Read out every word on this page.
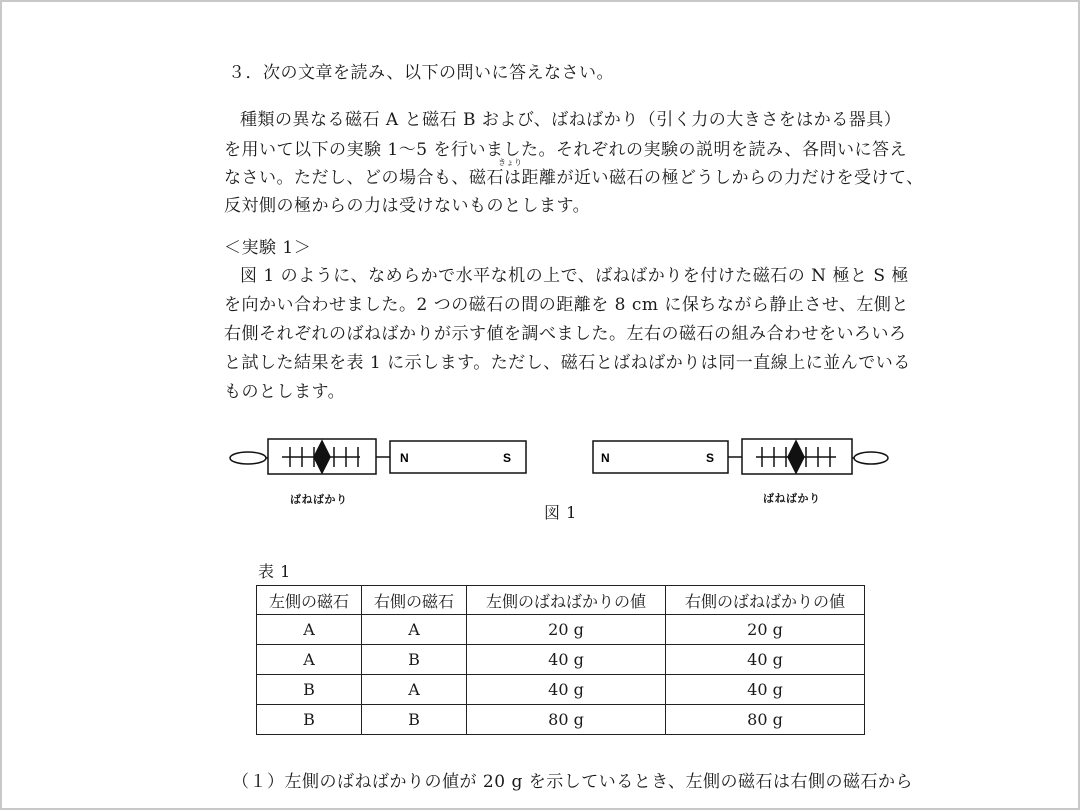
３．次の文章を読み、以下の問いに答えなさい。
種類の異なる磁石 A と磁石 B および、ばねばかり（引く力の大きさをはかる器具）
を用いて以下の実験 1〜5 を行いました。それぞれの実験の説明を読み、各問いに答え
きょり
なさい。ただし、どの場合も、磁石は距離が近い磁石の極どうしからの力だけを受けて、
反対側の極からの力は受けないものとします。
＜実験 1＞
図 1 のように、なめらかで水平な机の上で、ばねばかりを付けた磁石の N 極と S 極
を向かい合わせました。2 つの磁石の間の距離を 8 cm に保ちながら静止させ、左側と
右側それぞれのばねばかりが示す値を調べました。左右の磁石の組み合わせをいろいろ
と試した結果を表 1 に示します。ただし、磁石とばねばかりは同一直線上に並んでいる
ものとします。
N	S	N	S
ばねばかり	ばねばかり
図 1
表 1
左側の磁石	右側の磁石	左側のばねばかりの値	右側のばねばかりの値
A	A	20 g	20 g
A	B	40 g	40 g
B	A	40 g	40 g
B	B	80 g	80 g
（１）左側のばねばかりの値が 20 g を示しているとき、左側の磁石は右側の磁石から
